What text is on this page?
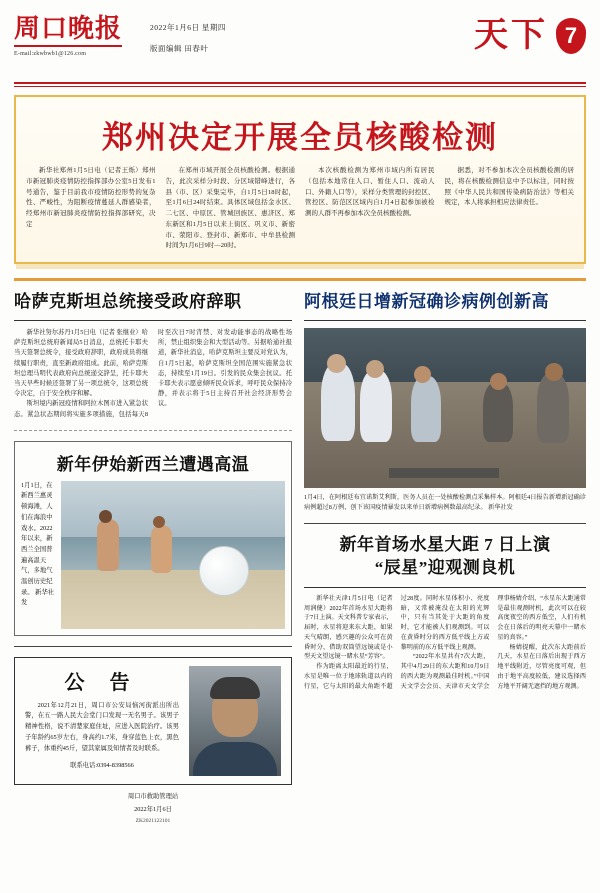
周口晚报
E-mail:zkwbwb1@126.com
2022年1月6日 星期四
版面编辑 田春叶	天下 7
郑州决定开展全员核酸检测

新华社郑州1月5日电（记者王烁）郑州市新冠肺炎疫情防控指挥部办公室5日发布1号通告，鉴于目前我市疫情防控形势的复杂性、严峻性，为阻断疫情蔓延人群感染者，经郑州市新冠肺炎疫情防控指挥部研究，决定

在郑州市域开展全员核酸检测。根据通告，此次采样分时段、分区域错峰进行，各县（市、区）采集完毕，自1月5日18时起，至1月6日24时结束。具体区域包括金水区、二七区、中原区、管城回族区、惠济区、郑东新区和1月5日以来上街区、巩义市、新密市、荥阳市、登封市、新郑市、中牟县检测时间为1月6日9时—20时。

本次核酸检测为郑州市域内所有居民（包括本地常住人口、暂住人口、流动人口、外籍人口等），采样分类管理的封控区、管控区、防范区区域内自1月4日起参加被检测的人群不再参加本次全员核酸检测。

据悉，对不参加本次全员核酸检测的居民，将在核酸检测信息中予以标注，同时按照《中华人民共和国传染病防治法》等相关规定，本人将承担相应法律责任。

哈萨克斯坦总统接受政府辞职

新华社努尔苏丹1月5日电（记者 张继业）哈萨克斯坦总统府新闻局5日消息，总统托卡耶夫当天签署总统令，接受政府辞职，政府成员将继续履行职责，直至新政府组成。此前，哈萨克斯坦总理马明代表政府向总统递交辞呈，托卡耶夫当天早些时候还签署了另一项总统令，这项总统令决定，自于安全秩序和解。

斯坦境内新冠疫情和阿拉木图市进入紧急状态。紧急状态期间将实施多项措施，包括每天8时至次日7时宵禁、对发动能事态的战略性场所，禁止组织集会和大型活动等。另据哈通社报道，新华社消息，哈萨克斯坦主要反对党认为，自1月5日起，哈萨克斯坦全国范围实施紧急状态，持续至1月19日。引发的民众集会抗议。托卡耶夫表示愿意倾听民众诉求，呼吁民众保持冷静，并表示将于5日主持召开社会经济形势会议。

新年伊始新西兰遭遇高温
1月1日，在新西兰惠灵顿海滩，人们在海浪中戏水。2022年以来，新西兰全国普遍高温天气，多地气温创历史纪录。 新华社发
公 告

2021年12月21日，周口市公安局恼河街派出所出警，在五一路人民大会堂门口发现一无名男子。该男子精神性格，说不清楚家庭住址，应进入医院治疗。该男子年龄约65岁左右，身高约1.7米，身穿蓝色上衣，黑色裤子，体重约45斤，望其家属及知情者及时联系。

联系电话:0394-8398566
周口市救助管理站
2022年1月6日
ZK2021122101
阿根廷日增新冠确诊病例创新高
1月4日，在阿根廷布宜诺斯艾利斯，医务人员在一处核酸检测点采集样本。阿根廷4日报告新增新冠确诊病例超过8万例，创下该国疫情暴发以来单日新增病例数最高纪录。 新华社发
新年首场水星大距 7 日上演
“辰星”迎观测良机

新华社天津1月5日电（记者 周润健）2022年首场水星大距将于7日上演。天文科普专家表示，届时，水星将迎来东大距，如果天气晴朗，感兴趣的公众可在黄昏时分，借助双筒望远镜或是小型天文望远镜一睹水星“芳容”。

作为距离太阳最近的行星，水星是唯一位于地球轨道以内的行星，它与太阳的最大角距不超过28度。同时水星体积小、亮度暗，又常被淹没在太阳的光辉中，只有当其处于大距的角度时，它才能被人们观测到。可以在黄昏时分的西方低平线上方或黎明前的东方低平线上观测。

“2022年水星共有7次大距，其中4月29日的东大距和10月9日的西大距为观测最佳时机。”中国天文学会会员、天津市天文学会理事杨婧介绍，“水星东大距通常是最佳观测时机，此次可以在较高度夜空的西方低空，人们有机会在日落后的明亮天幕中一睹水星的真容。”

杨婧提醒，此次东大距前后几天，水星在日落后出现于西方地平线附近，尽管亮度可观，但由于地平高度较低，建议选择西方地平开阔无遮挡的地方观测。
